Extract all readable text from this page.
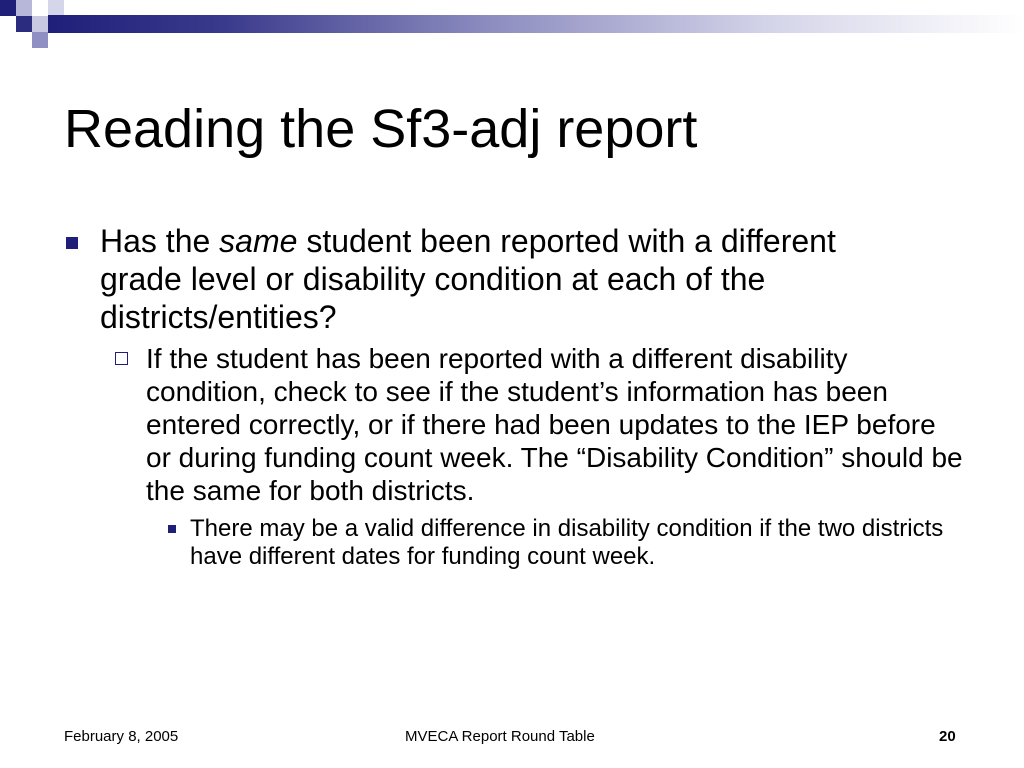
Reading the Sf3-adj report
Has the same student been reported with a different grade level or disability condition at each of the districts/entities?
If the student has been reported with a different disability condition, check to see if the student’s information has been entered correctly, or if there had been updates to the IEP before or during funding count week. The “Disability Condition” should be the same for both districts.
There may be a valid difference in disability condition if the two districts have different dates for funding count week.
February 8, 2005	MVECA Report Round Table	20
